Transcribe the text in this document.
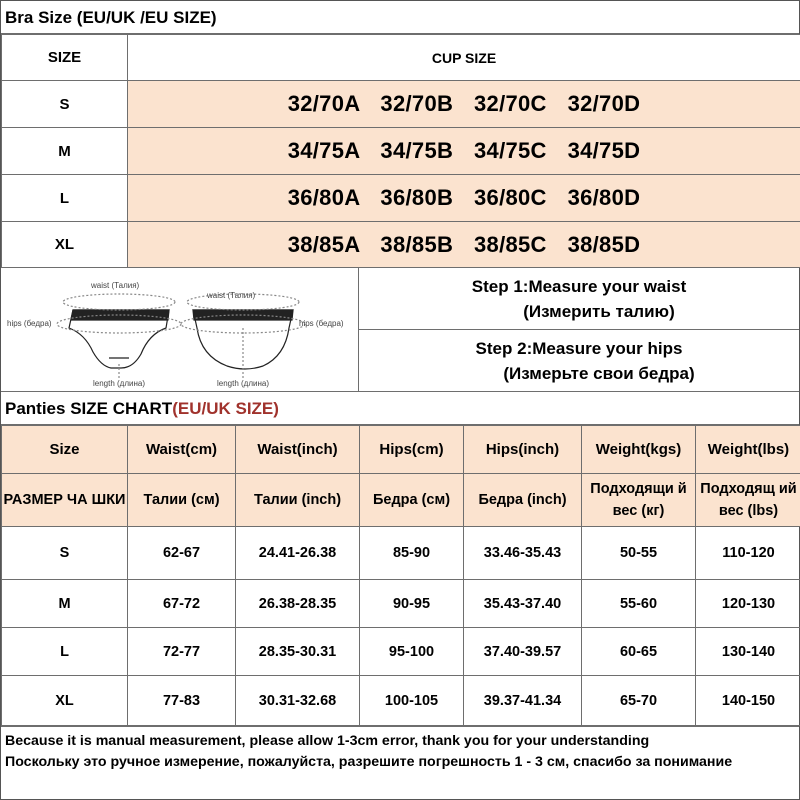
Bra Size (EU/UK /EU SIZE)
SIZE	CUP SIZE
S	32/70A  32/70B  32/70C  32/70D
M	34/75A  34/75B  34/75C  34/75D
L	36/80A  36/80B  36/80C  36/80D
XL	38/85A  38/85B  38/85C  38/85D
waist (Талия)
waist (Талия)
hips (бедра)	hips (бедра)
length (длина)	length (длина)
Step 1:Measure your waist
(Измерить талию)
Step 2:Measure your hips
(Измерьте свои бедра)
Panties SIZE CHART(EU/UK SIZE)
Size	Waist(cm)	Waist(inch)	Hips(cm)	Hips(inch)	Weight(kgs)	Weight(lbs)
РАЗМЕР ЧА ШКИ	Талии (см)	Талии (inch)	Бедра (см)	Бедра (inch)	Подходящи й вес (кг)	Подходящ ий вес (lbs)
S	62-67	24.41-26.38	85-90	33.46-35.43	50-55	110-120
M	67-72	26.38-28.35	90-95	35.43-37.40	55-60	120-130
L	72-77	28.35-30.31	95-100	37.40-39.57	60-65	130-140
XL	77-83	30.31-32.68	100-105	39.37-41.34	65-70	140-150
Because it is manual measurement, please allow 1-3cm error, thank you for your understanding
Поскольку это ручное измерение, пожалуйста, разрешите погрешность 1 - 3 см, спасибо за пониманиe
